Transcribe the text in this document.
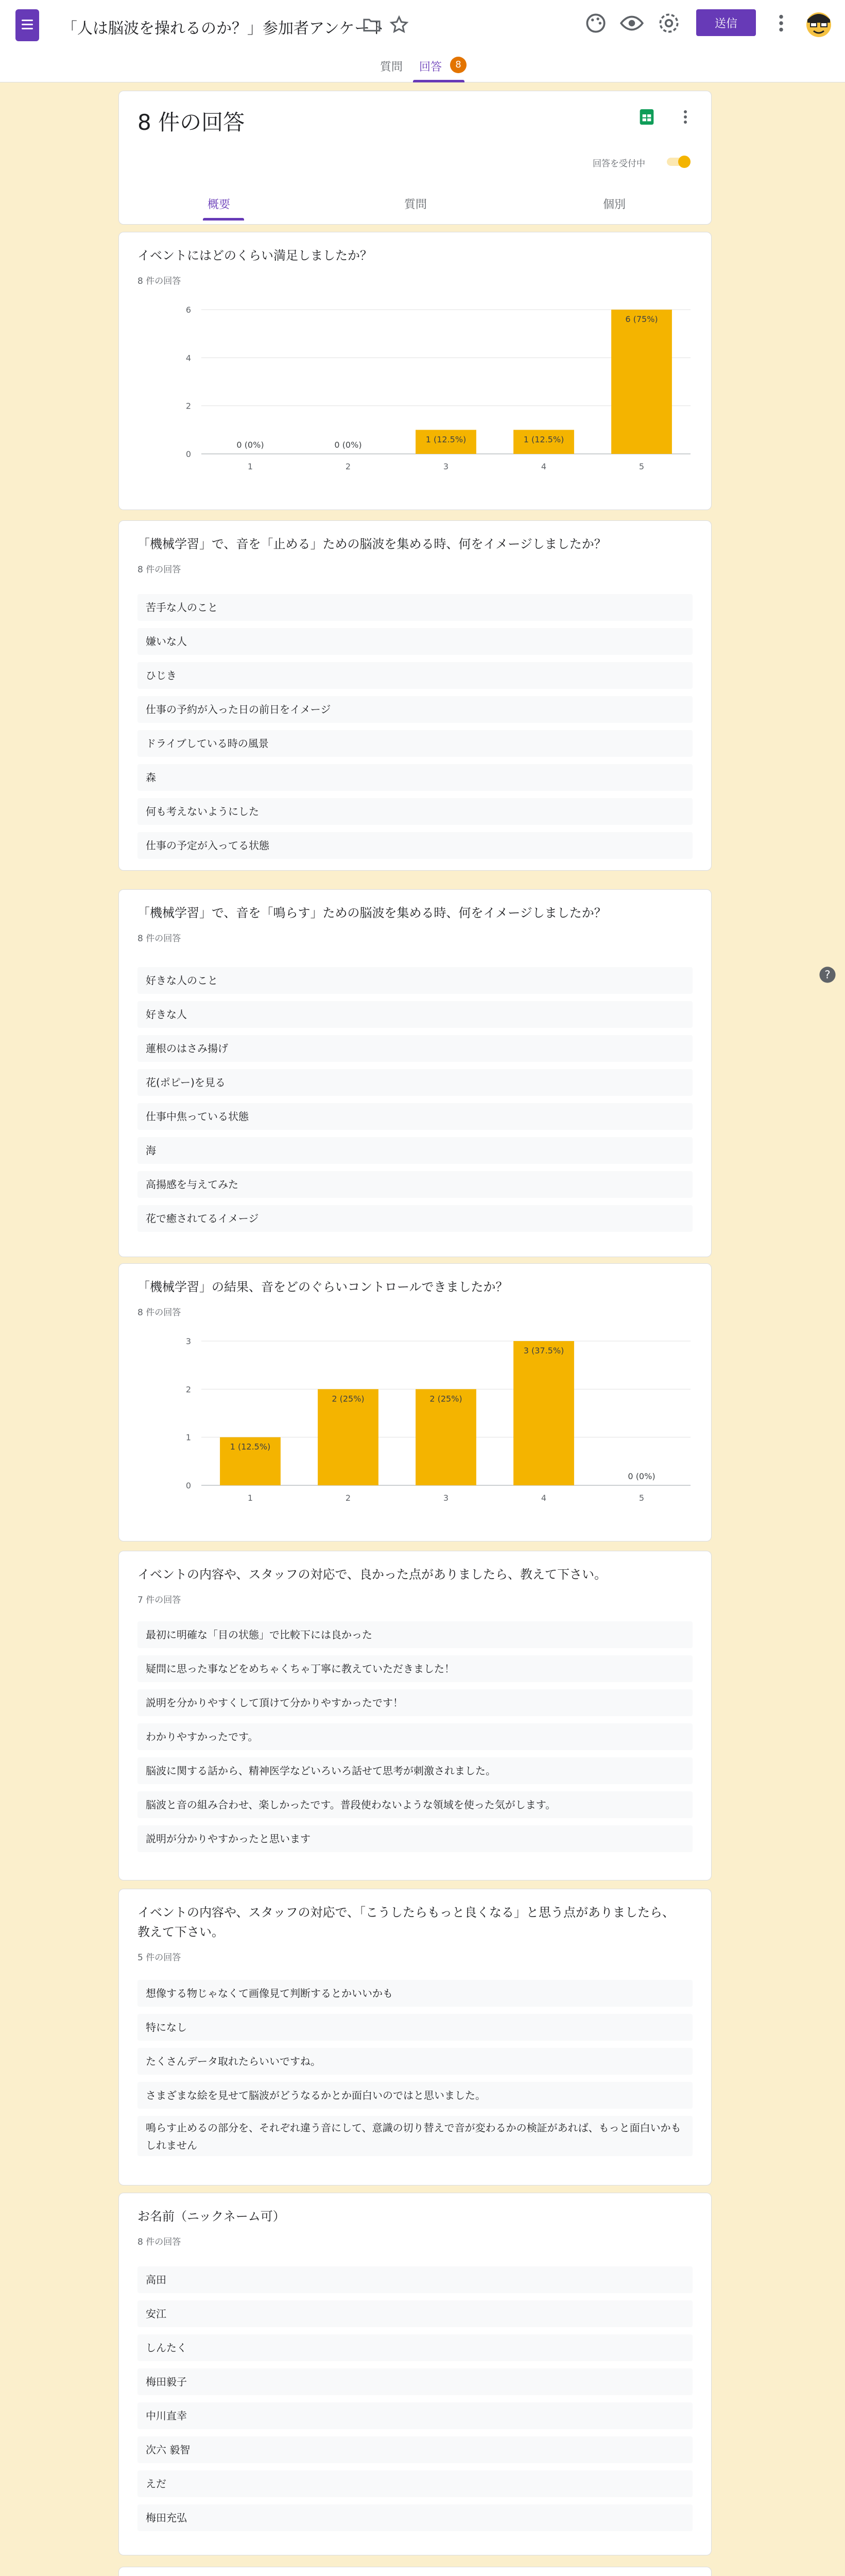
「人は脳波を操れるのか？」参加者アンケート	送信
質問 回答	8
8 件の回答
回答を受付中
概要	質問	個別
イベントにはどのくらい満足しましたか？
8 件の回答
0
2
4
6
0 (0%)
1
0 (0%)
2
1 (12.5%)
3
1 (12.5%)
4
6 (75%)
5
「機械学習」で、音を「止める」ための脳波を集める時、何をイメージしましたか？
8 件の回答
苦手な人のこと
嫌いな人
ひじき
仕事の予約が入った日の前日をイメージ
ドライブしている時の風景
森
何も考えないようにした
仕事の予定が入ってる状態
「機械学習」で、音を「鳴らす」ための脳波を集める時、何をイメージしましたか？
8 件の回答
好きな人のこと
好きな人
蓮根のはさみ揚げ
花(ポピー)を見る
仕事中焦っている状態
海
高揚感を与えてみた
花で癒されてるイメージ
「機械学習」の結果、音をどのぐらいコントロールできましたか？
8 件の回答
0
1
2
3
1 (12.5%)
1
2 (25%)
2
2 (25%)
3
3 (37.5%)
4
0 (0%)
5
イベントの内容や、スタッフの対応で、良かった点がありましたら、教えて下さい。
7 件の回答
最初に明確な「目の状態」で比較下には良かった
疑問に思った事などをめちゃくちゃ丁寧に教えていただきました！
説明を分かりやすくして頂けて分かりやすかったです！
わかりやすかったです。
脳波に関する話から、精神医学などいろいろ話せて思考が刺激されました。
脳波と音の組み合わせ、楽しかったです。普段使わないような領域を使った気がします。
説明が分かりやすかったと思います
イベントの内容や、スタッフの対応で、「こうしたらもっと良くなる」と思う点がありましたら、教えて下さい。
5 件の回答
想像する物じゃなくて画像見て判断するとかいいかも
特になし
たくさんデータ取れたらいいですね。
さまざまな絵を見せて脳波がどうなるかとか面白いのではと思いました。
鳴らす止めるの部分を、それぞれ違う音にして、意識の切り替えで音が変わるかの検証があれば、もっと面白いかもしれません
お名前（ニックネーム可）
8 件の回答
高田
安江
しんたく
梅田毅子
中川直幸
次六 毅智
えだ
梅田充弘
?
